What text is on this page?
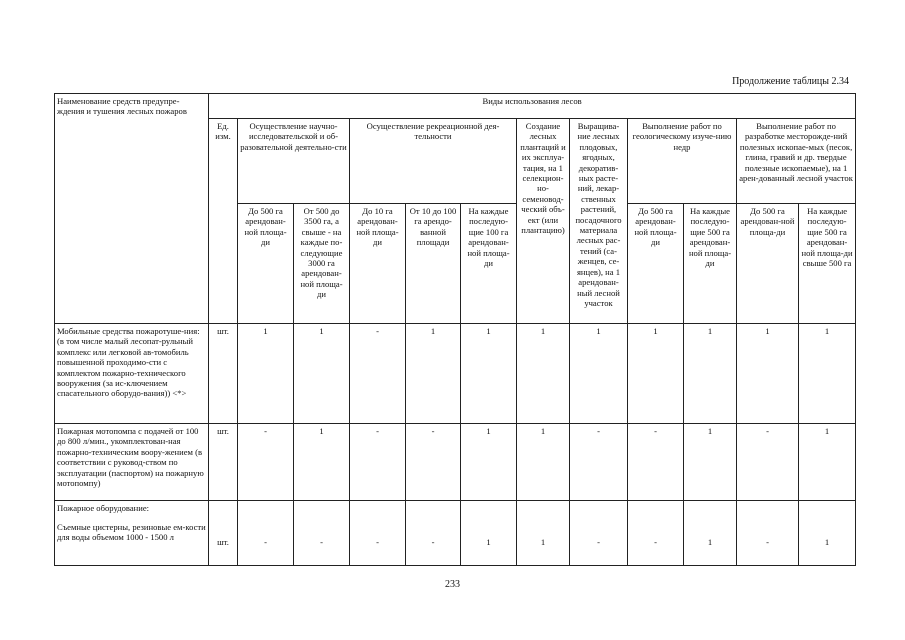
Продолжение таблицы 2.34
Наименование средств предупре-ждения и тушения лесных пожаров	Виды использования лесов											
	Ед. изм.	Осуществление научно-исследовательской и об-разовательной деятельно-сти		Осуществление рекреационной дея-тельности			Создание лесных плантаций и их эксплуа-тация, на 1 селекцион-но-семеновод-ческий объ-ект (или плантацию)	Выращива-ние лесных плодовых, ягодных, декоратив-ных расте-ний, лекар-ственных растений, посадочного материала лесных рас-тений (са-женцев, се-янцев), на 1 арендован-ный лесной участок	Выполнение работ по геологическому изуче-нию недр		Выполнение работ по разработке месторожде-ний полезных ископае-мых (песок, глина, гравий и др. твердые полезные ископаемые), на 1 арен-дованный лесной участок	
		До 500 га арендован-ной площа-ди	От 500 до 3500 га, а свыше - на каждые по-следующие 3000 га арендован-ной площа-ди	До 10 га арендован-ной площа-ди	От 10 до 100 га арендо-ванной площади	На каждые последую-щие 100 га арендован-ной площа-ди			До 500 га арендован-ной площа-ди	На каждые последую-щие 500 га арендован-ной площа-ди	До 500 га арендован-ной площа-ди	На каждые последую-щие 500 га арендован-ной площа-ди свыше 500 га
Мобильные средства пожаротуше-ния: (в том числе малый лесопат-рульный комплекс или легковой ав-томобиль повышенной проходимо-сти с комплектом пожарно-технического вооружения (за ис-ключением спасательного оборудо-вания)) <*>	шт.	1	1	-	1	1	1	1	1	1	1	1
Пожарная мотопомпа с подачей от 100 до 800 л/мин., укомплектован-ная пожарно-техническим воору-жением (в соответствии с руковод-ством по эксплуатации (паспортом) на пожарную мотопомпу)	шт.	-	1	-	-	1	1	-	-	1	-	1
Пожарное оборудование:												
Съемные цистерны, резиновые ем-кости для воды объемом 1000 - 1500 л	шт.	-	-	-	-	1	1	-	-	1	-	1
233
